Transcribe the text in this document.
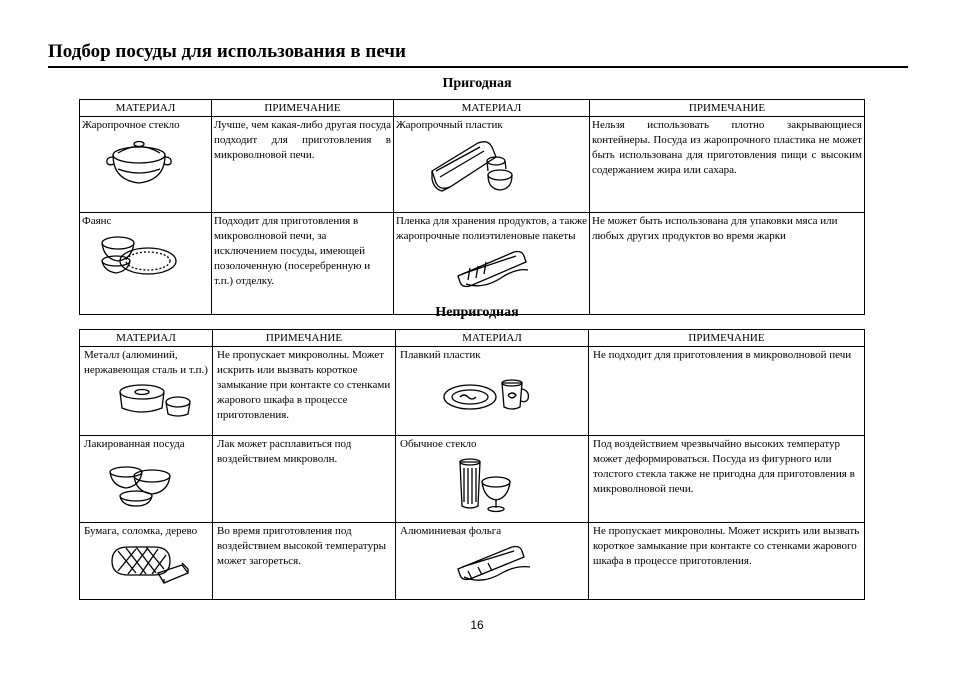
Подбор посуды для использования в печи
Пригодная
МАТЕРИАЛ	ПРИМЕЧАНИЕ	МАТЕРИАЛ	ПРИМЕЧАНИЕ

Жаропрочное стекло	Лучше, чем какая-либо другая посуда подходит для приготовления в микроволновой печи.	Жаропрочный пластик	Нельзя использовать плотно закрывающиеся контейнеры. Посуда из жаропрочного пластика не может быть использована для приготовления пищи с высоким содержанием жира или сахара.

Фаянс	Подходит для приготовления в микроволновой печи, за исключением посуды, имеющей позолоченную (посеребренную и т.п.) отделку.	Пленка для хранения продуктов, а также жаропрочные полиэтиленовые пакеты	Не может быть использована для упаковки мяса или любых других продуктов во время жарки
Непригодная
МАТЕРИАЛ	ПРИМЕЧАНИЕ	МАТЕРИАЛ	ПРИМЕЧАНИЕ

Металл (алюминий, нержавеющая сталь и т.п.)	Не пропускает микроволны. Может искрить или вызвать короткое замыкание при контакте со стенками жарового шкафа в процессе приготовления.	Плавкий пластик	Не подходит для приготовления в микроволновой печи

Лакированная посуда	Лак может расплавиться под воздействием микроволн.	Обычное стекло	Под воздействием чрезвычайно высоких температур может деформироваться. Посуда из фигурного или толстого стекла также не пригодна для приготовления в микроволновой печи.

Бумага, соломка, дерево	Во время приготовления под воздействием высокой температуры может загореться.	Алюминиевая фольга	Не пропускает микроволны. Может искрить или вызвать короткое замыкание при контакте со стенками жарового шкафа в процессе приготовления.
16
